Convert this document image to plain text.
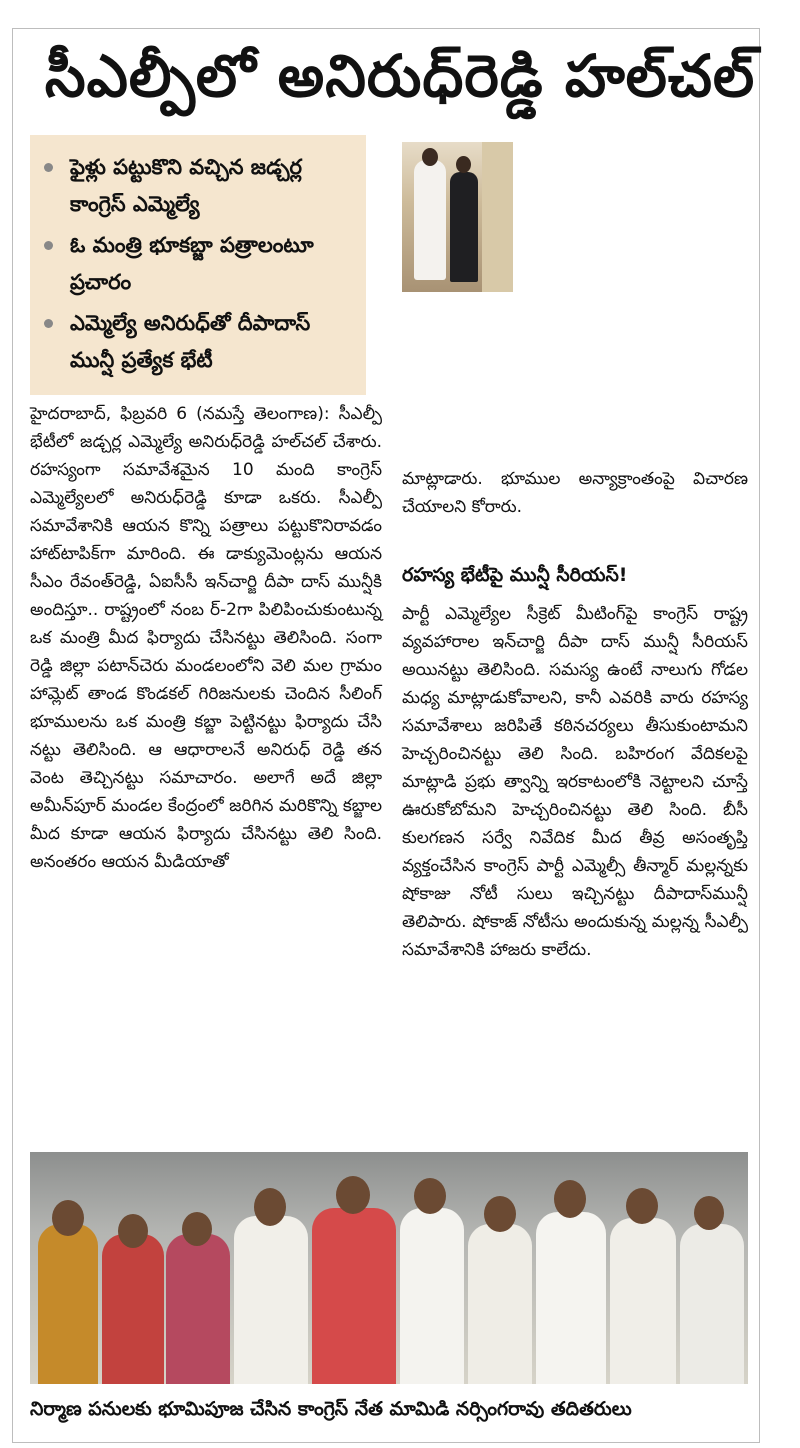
సీఎల్పీలో అనిరుధ్‌రెడ్డి హల్‌చల్‌
ఫైళ్లు పట్టుకొని వచ్చిన జడ్చర్ల కాంగ్రెస్‌ ఎమ్మెల్యే
ఓ మంత్రి భూకబ్జా పత్రాలంటూ ప్రచారం
ఎమ్మెల్యే అనిరుధ్‌తో దీపాదాస్‌ మున్షీ ప్రత్యేక భేటీ
హైదరాబాద్‌, ఫిబ్రవరి 6 (నమస్తే తెలంగాణ): సీఎల్పీ భేటీలో జడ్చర్ల ఎమ్మెల్యే అనిరుధ్‌రెడ్డి హల్‌చల్‌ చేశారు. రహస్యంగా సమావేశమైన 10 మంది కాంగ్రెస్‌ ఎమ్మెల్యేలలో అనిరుధ్‌రెడ్డి కూడా ఒకరు. సీఎల్పీ సమావేశానికి ఆయన కొన్ని పత్రాలు పట్టుకొనిరావడం హాట్‌టాపిక్‌గా మారింది. ఈ డాక్యుమెంట్లను ఆయన సీఎం రేవంత్‌రెడ్డి, ఏఐసీసీ ఇన్‌చార్జి దీపా దాస్‌ మున్షీకి అందిస్తూ.. రాష్ట్రంలో నంబ ర్‌-2గా పిలిపించుకుంటున్న ఒక మంత్రి మీద ఫిర్యాదు చేసినట్టు తెలిసింది. సంగా రెడ్డి జిల్లా పటాన్‌చెరు మండలంలోని వెలి మల గ్రామం హామ్లెట్‌ తాండ కొండకల్‌ గిరిజనులకు చెందిన సీలింగ్‌ భూములను ఒక మంత్రి కబ్జా పెట్టినట్టు ఫిర్యాదు చేసి నట్టు తెలిసింది. ఆ ఆధారాలనే అనిరుధ్‌ రెడ్డి తన వెంట తెచ్చినట్టు సమాచారం. అలాగే అదే జిల్లా అమీన్‌పూర్‌ మండల కేంద్రంలో జరిగిన మరికొన్ని కబ్జాల మీద కూడా ఆయన ఫిర్యాదు చేసినట్టు తెలి సింది. అనంతరం ఆయన మీడియాతో
మాట్లాడారు. భూముల అన్యాక్రాంతంపై విచారణ చేయాలని కోరారు.
రహస్య భేటీపై మున్షీ సీరియస్‌!
పార్టీ ఎమ్మెల్యేల సీక్రెట్‌ మీటింగ్‌పై కాంగ్రెస్‌ రాష్ట్ర వ్యవహారాల ఇన్‌చార్జి దీపా దాస్‌ మున్షీ సీరియస్‌ అయినట్టు తెలిసింది. సమస్య ఉంటే నాలుగు గోడల మధ్య మాట్లాడుకోవాలని, కానీ ఎవరికి వారు రహస్య సమావేశాలు జరిపితే కఠినచర్యలు తీసుకుంటామని హెచ్చరించినట్టు తెలి సింది. బహిరంగ వేదికలపై మాట్లాడి ప్రభు త్వాన్ని ఇరకాటంలోకి నెట్టాలని చూస్తే ఊరుకోబోమని హెచ్చరించినట్టు తెలి సింది. బీసీ కులగణన సర్వే నివేదిక మీద తీవ్ర అసంతృప్తి వ్యక్తంచేసిన కాంగ్రెస్‌ పార్టీ ఎమ్మెల్సీ తీన్మార్‌ మల్లన్నకు షోకాజు నోటీ సులు ఇచ్చినట్టు దీపాదాస్‌మున్షీ తెలిపారు. షోకాజ్‌ నోటీసు అందుకున్న మల్లన్న సీఎల్పీ సమావేశానికి హాజరు కాలేదు.
నిర్మాణ పనులకు భూమిపూజ చేసిన కాంగ్రెస్‌ నేత మామిడి నర్సింగరావు తదితరులు
